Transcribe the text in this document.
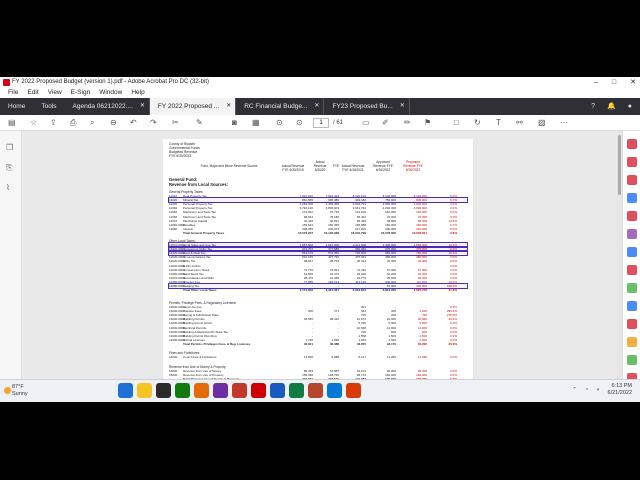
FY 2022 Proposed Budget (version 1).pdf - Adobe Acrobat Pro DC (32-bit)	– □ ✕
File Edit View E-Sign Window Help
Home	Tools	Agenda 06212022.... ✕	FY 2022 Proposed ... ✕	RC Financial Budge... ✕	FY23 Proposed Bu... ✕	? 🔔 ●
▤ ☆ ⇪ ⎙ ⌕ ⊖ ↶ ↷ ✂ ✎	◙ ▦ ⊙ ⊙	1	/ 61 ▭ ✐ ✏ ⚑	□ ↻ T ⚯ ▨ ⋯
❐
⎘
⌇
County of Russell
Governmental Funds
Budgeted Revenue
FYE 6/30/2023
Fund, Major and Minor Revenue Source	Actual Revenue FYE 6/30/2019
Actual Revenue 6/30/20
FYE Actual Revenue FYE 6/30/2021
Approved Revenue FYE 6/30/2022
Proposed Revenue FYE 6/30/2023
General Fund:
Revenue from Local Sources:
General Property Taxes:
11010 Real Property Tax	7,922,010	7,924,423	8,120,192	8,100,000	8,100,000	0.0%
11020 Mineral Tax	861,565	695,380	449,182	750,000	800,000	6.7%
11030 Personal Property Tax	2,284,000	2,459,469	2,604,791	2,600,000	2,600,000	0.0%
11040 Personal Property Tax	3,792,126	3,836,003	3,961,764	4,000,000	4,000,000	0.0%
11050 Machinery and Tools Tax	174,922	97,719	101,910	160,000	160,000	0.0%
11060 Machinery and Tools Tax	68,044	78,186	65,402	70,000	70,000	0.0%
11070 Merchants Capital	42,426	40,831	56,490	48,000	55,000	14.6%
11060-0001
Penalties	159,544	150,355	196,988	150,000	160,000	6.7%
11080 Interest	208,265	236,074	217,200	200,000	210,000	5.0%
Total General Property Taxes	15,573,207	16,123,938	16,931,796	16,078,000	16,655,811	3.6%
Other Local Taxes:
12010-0001
Local Sales and Use Tax	1,587,502	1,621,300	2,211,008	2,400,000	2,650,000	10.4%
12020-0001
Consumers Utility Tax	374,707	377,580	360,940	375,000	375,000	0.0%
12020-0002
Food & Meal Tax	563,176	572,350	700,505	650,000	750,000	15.4%
12020-0003
Communications Tax	532,155	497,790	475,544	480,000	480,000	0.0%
12020-0004
E911 Tax	38,947	36,763	36,314	32,000	32,000	0.0%
12020-0005
E-911 Grants	-	-	-	-	-	0.0%
12030-0001
Consumption Taxes	74,770	72,961	74,430	67,000	67,000	0.0%
12060-0001
Bank Stock Tax	16,836	24,374	29,320	16,200	16,200	0.0%
12070-0001
Recordations and Wills	28,479	24,489	22,779	25,000	25,000	0.0%
12080-0001
Wrecker Fee	77,955	100,014	114,135	100,000	110,000	10.0%
12080-0002
Lodging Tax	-	-	-	67,000	140,000	108.9%
Total Other Local Taxes	3,174,849	3,321,361	3,919,843	3,812,200	4,635,759	21.6%
Permits, Privilege Fees, & Regulatory Licenses:
13030-0001
Land Use Fee	-	-	301	-	-	0.0%
13030-0002
Transfer Fees	306	371	542	305	1,200	293.4%
13030-0003
Zoning & Subdivision Plats	-	-	795	200	750	275.0%
13030-0004
Building Permits	33,565	38,422	21,972	22,000	30,000	36.4%
13030-0005
Building Permit HVAC	-	-	5,760	5,000	5,000	0.0%
13030-0006
Electrical Permits	-	-	10,548	12,000	12,000	0.0%
13030-0007
Building & Electrical 2% State Tax	-	-	730	600	600	0.0%
13030-0008
Building Permit Plumbing	-	-	1,558	1,500	1,500	0.0%
13030-0009
Animal Licenses	1,735	1,696	1,664	1,500	1,500	0.0%
Total Permits, Privileges Fees, & Reg. Licenses	42,021	46,388	43,870	43,170	52,200	20.9%
Fines and Forfeitures:
14000 Court Fines & Forfeitures	13,666	9,988	8,147	11,250	11,250	0.0%
Revenue from Use of Money & Property:
15020 Revenue from Use of Money	85,453	51,887	34,673	30,000	30,000	0.0%
15030 Revenue from Use of Property	155,468	148,762	85,714	160,000	160,000	0.0%
87°F
Sunny
⌃ ◔ ◖
6:13 PM
6/21/2022
